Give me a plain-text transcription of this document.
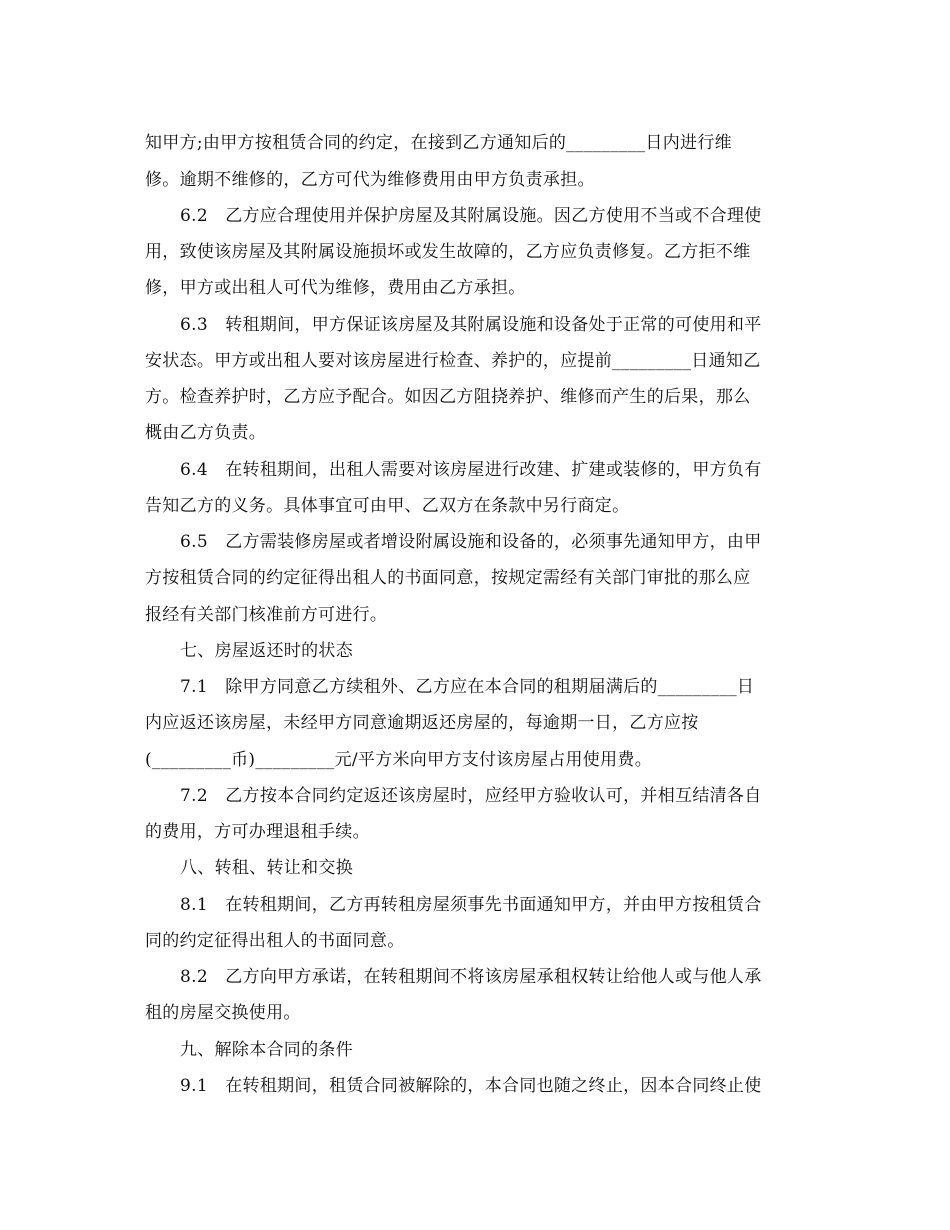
知甲方;由甲方按租赁合同的约定，在接到乙方通知后的_________日内进行维
修。逾期不维修的，乙方可代为维修费用由甲方负责承担。
6.2　乙方应合理使用并保护房屋及其附属设施。因乙方使用不当或不合理使
用，致使该房屋及其附属设施损坏或发生故障的，乙方应负责修复。乙方拒不维
修，甲方或出租人可代为维修，费用由乙方承担。
6.3　转租期间，甲方保证该房屋及其附属设施和设备处于正常的可使用和平
安状态。甲方或出租人要对该房屋进行检查、养护的，应提前_________日通知乙
方。检查养护时，乙方应予配合。如因乙方阻挠养护、维修而产生的后果，那么
概由乙方负责。
6.4　在转租期间，出租人需要对该房屋进行改建、扩建或装修的，甲方负有
告知乙方的义务。具体事宜可由甲、乙双方在条款中另行商定。
6.5　乙方需装修房屋或者增设附属设施和设备的，必须事先通知甲方，由甲
方按租赁合同的约定征得出租人的书面同意，按规定需经有关部门审批的那么应
报经有关部门核准前方可进行。
七、房屋返还时的状态
7.1　除甲方同意乙方续租外、乙方应在本合同的租期届满后的_________日
内应返还该房屋，未经甲方同意逾期返还房屋的，每逾期一日，乙方应按
(_________币)_________元/平方米向甲方支付该房屋占用使用费。
7.2　乙方按本合同约定返还该房屋时，应经甲方验收认可，并相互结清各自
的费用，方可办理退租手续。
八、转租、转让和交换
8.1　在转租期间，乙方再转租房屋须事先书面通知甲方，并由甲方按租赁合
同的约定征得出租人的书面同意。
8.2　乙方向甲方承诺，在转租期间不将该房屋承租权转让给他人或与他人承
租的房屋交换使用。
九、解除本合同的条件
9.1　在转租期间，租赁合同被解除的，本合同也随之终止，因本合同终止使
